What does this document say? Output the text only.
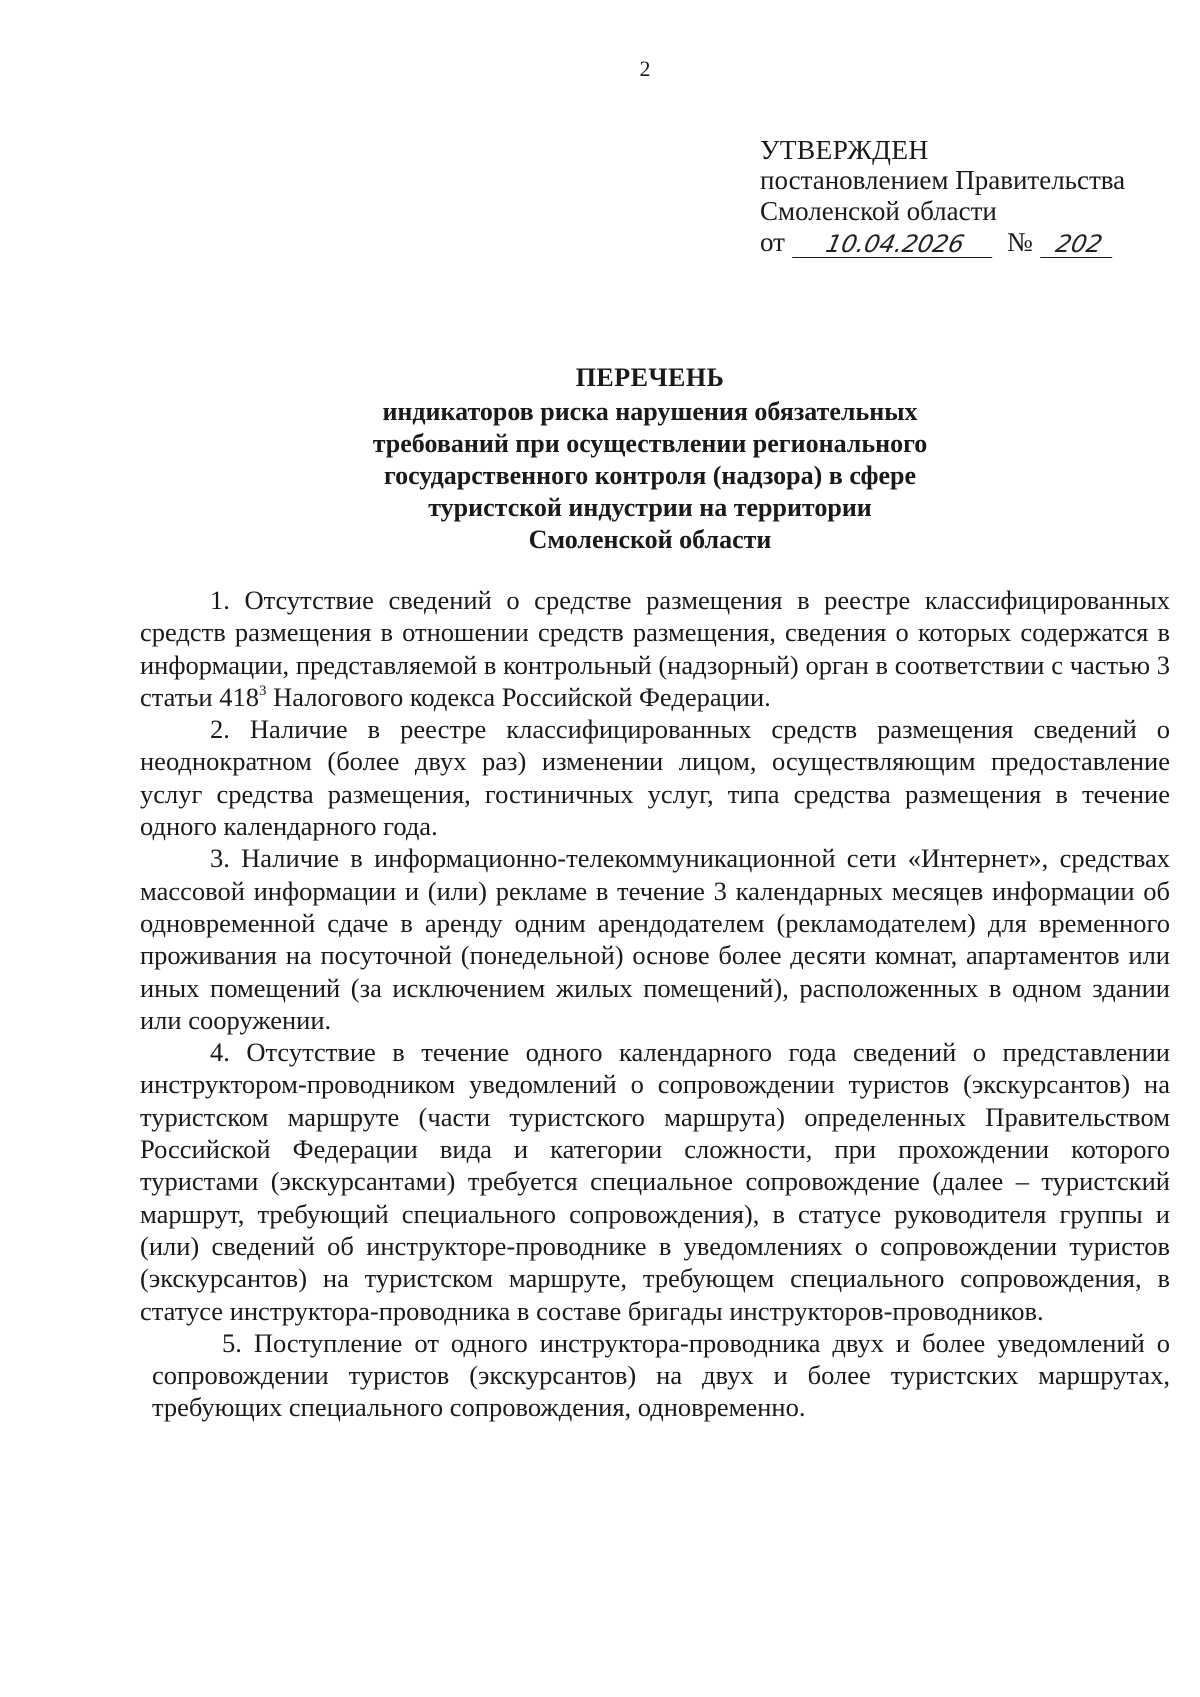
2
УТВЕРЖДЕН
постановлением Правительства
Смоленской области
от	10.04.2026	№ 202
ПЕРЕЧЕНЬ
индикаторов риска нарушения обязательных
требований при осуществлении регионального
государственного контроля (надзора) в сфере
туристской индустрии на территории
Смоленской области

1. Отсутствие сведений о средстве размещения в реестре классифицированных средств размещения в отношении средств размещения, сведения о которых содержатся в информации, представляемой в контрольный (надзорный) орган в соответствии с частью 3 статьи $418^3$ Налогового кодекса Российской Федерации.

2. Наличие в реестре классифицированных средств размещения сведений о неоднократном (более двух раз) изменении лицом, осуществляющим предоставление услуг средства размещения, гостиничных услуг, типа средства размещения в течение одного календарного года.

3. Наличие в информационно-телекоммуникационной сети «Интернет», средствах массовой информации и (или) рекламе в течение 3 календарных месяцев информации об одновременной сдаче в аренду одним арендодателем (рекламодателем) для временного проживания на посуточной (понедельной) основе более десяти комнат, апартаментов или иных помещений (за исключением жилых помещений), расположенных в одном здании или сооружении.

4. Отсутствие в течение одного календарного года сведений о представлении инструктором-проводником уведомлений о сопровождении туристов (экскурсантов) на туристском маршруте (части туристского маршрута) определенных Правительством Российской Федерации вида и категории сложности, при прохождении которого туристами (экскурсантами) требуется специальное сопровождение (далее – туристский маршрут, требующий специального сопровождения), в статусе руководителя группы и (или) сведений об инструкторе-проводнике в уведомлениях о сопровождении туристов (экскурсантов) на туристском маршруте, требующем специального сопровождения, в статусе инструктора-проводника в составе бригады инструкторов-проводников.

5. Поступление от одного инструктора-проводника двух и более уведомлений о сопровождении туристов (экскурсантов) на двух и более туристских маршрутах, требующих специального сопровождения, одновременно.
